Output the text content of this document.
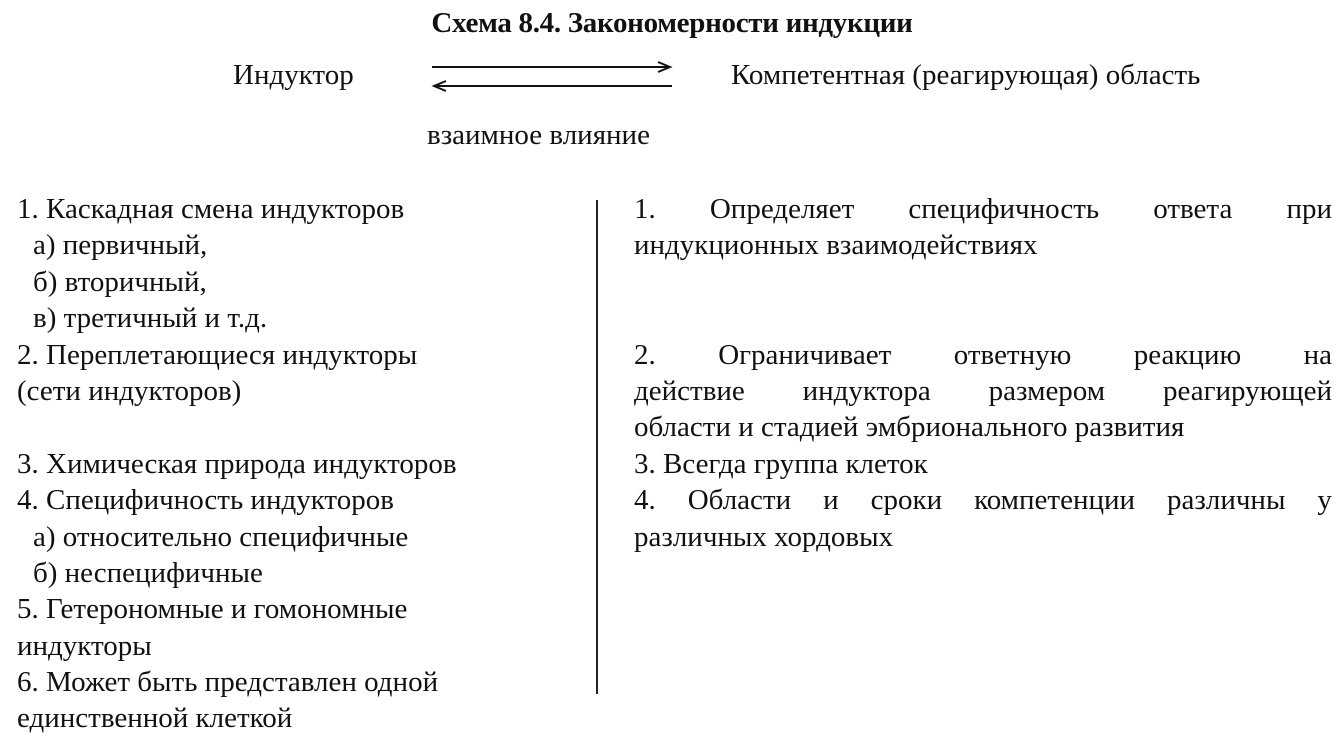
Схема 8.4. Закономерности индукции
Индуктор	Компетентная (реагирующая) область
взаимное влияние
1. Каскадная смена индукторов
а) первичный,
б) вторичный,
в) третичный и т.д.
2. Переплетающиеся индукторы
(сети индукторов)
3. Химическая природа индукторов
4. Специфичность индукторов
а) относительно специфичные
б) неспецифичные
5. Гетерономные и гомономные
индукторы
6. Может быть представлен одной
единственной клеткой
1. Определяет специфичность ответа при
индукционных взаимодействиях
2. Ограничивает ответную реакцию на
действие индуктора размером реагирующей
области и стадией эмбрионального развития
3. Всегда группа клеток
4. Области и сроки компетенции различны у
различных хордовых
